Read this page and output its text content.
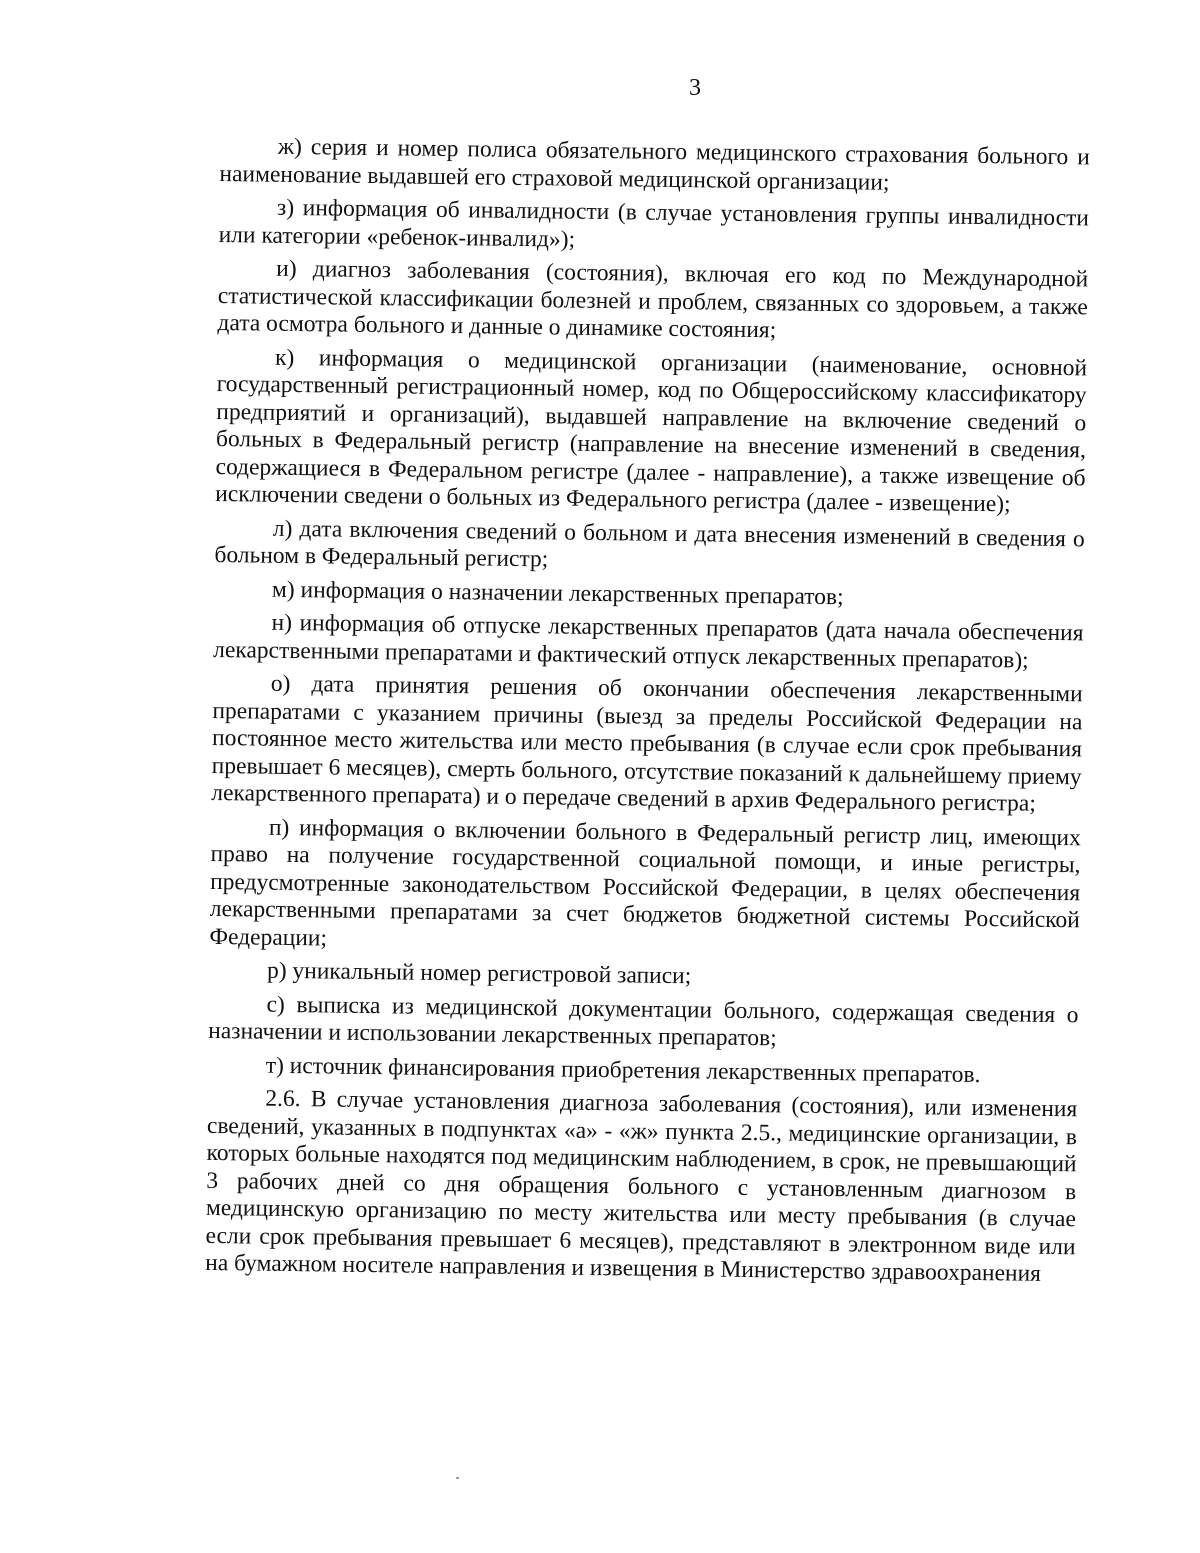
3

ж) серия и номер полиса обязательного медицинского страхования больного и наименование выдавшей его страховой медицинской организации;

з) информация об инвалидности (в случае установления группы инвалидности или категории «ребенок-инвалид»);

и) диагноз заболевания (состояния), включая его код по Международной статистической классификации болезней и проблем, связанных со здоровьем, а также дата осмотра больного и данные о динамике состояния;

к) информация о медицинской организации (наименование, основной государственный регистрационный номер, код по Общероссийскому классификатору предприятий и организаций), выдавшей направление на включение сведений о больных в Федеральный регистр (направление на внесение изменений в сведения, содержащиеся в Федеральном регистре (далее - направление), а также извещение об исключении сведени о больных из Федерального регистра (далее - извещение);

л) дата включения сведений о больном и дата внесения изменений в сведения о больном в Федеральный регистр;

м) информация о назначении лекарственных препаратов;

н) информация об отпуске лекарственных препаратов (дата начала обеспечения лекарственными препаратами и фактический отпуск лекарственных препаратов);

о) дата принятия решения об окончании обеспечения лекарственными препаратами с указанием причины (выезд за пределы Российской Федерации на постоянное место жительства или место пребывания (в случае если срок пребывания превышает 6 месяцев), смерть больного, отсутствие показаний к дальнейшему приему лекарственного препарата) и о передаче сведений в архив Федерального регистра;

п) информация о включении больного в Федеральный регистр лиц, имеющих право на получение государственной социальной помощи, и иные регистры, предусмотренные законодательством Российской Федерации, в целях обеспечения лекарственными препаратами за счет бюджетов бюджетной системы Российской Федерации;

р) уникальный номер регистровой записи;

с) выписка из медицинской документации больного, содержащая сведения о назначении и использовании лекарственных препаратов;

т) источник финансирования приобретения лекарственных препаратов.

2.6. В случае установления диагноза заболевания (состояния), или изменения сведений, указанных в подпунктах «а» - «ж» пункта 2.5., медицинские организации, в которых больные находятся под медицинским наблюдением, в срок, не превышающий 3 рабочих дней со дня обращения больного с установленным диагнозом в медицинскую организацию по месту жительства или месту пребывания (в случае если срок пребывания превышает 6 месяцев), представляют в электронном виде или на бумажном носителе направления и извещения в Министерство здравоохранения
